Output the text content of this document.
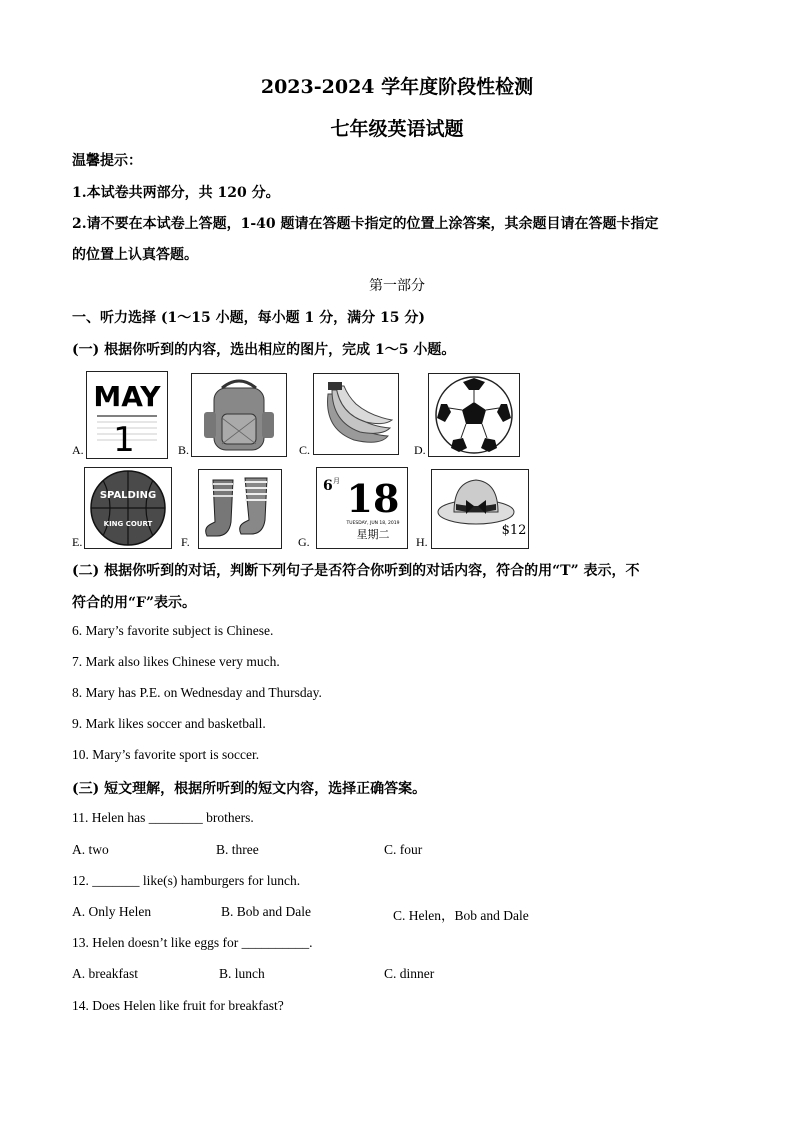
2023-2024 学年度阶段性检测
七年级英语试题
温馨提示：
1.本试卷共两部分，共 120 分。
2.请不要在本试卷上答题，1-40 题请在答题卡指定的位置上涂答案，其余题目请在答题卡指定
的位置上认真答题。
第一部分
一、听力选择 (1～15 小题，每小题 1 分，满分 15 分)
(一) 根据你听到的内容，选出相应的图片，完成 1～5 小题。
A.
MAY
1	B.	C.	D.
E.
SPALDING
KING COURT
F.	G.
6 月 18
TUESDAY, JUN 18, 2019
星期二
H.
$12
(二) 根据你听到的对话，判断下列句子是否符合你听到的对话内容，符合的用“T” 表示，不
符合的用“F”表示。
6. Mary’s favorite subject is Chinese.
7. Mark also likes Chinese very much.
8. Mary has P.E. on Wednesday and Thursday.
9. Mark likes soccer and basketball.
10. Mary’s favorite sport is soccer.
(三) 短文理解，根据所听到的短文内容，选择正确答案。
11. Helen has ________ brothers.
A. two	B. three	C. four
12. _______ like(s) hamburgers for lunch.
A. Only Helen	B. Bob and Dale	C. Helen，Bob and Dale
13. Helen doesn’t like eggs for __________.
A. breakfast	B. lunch	C. dinner
14. Does Helen like fruit for breakfast?
